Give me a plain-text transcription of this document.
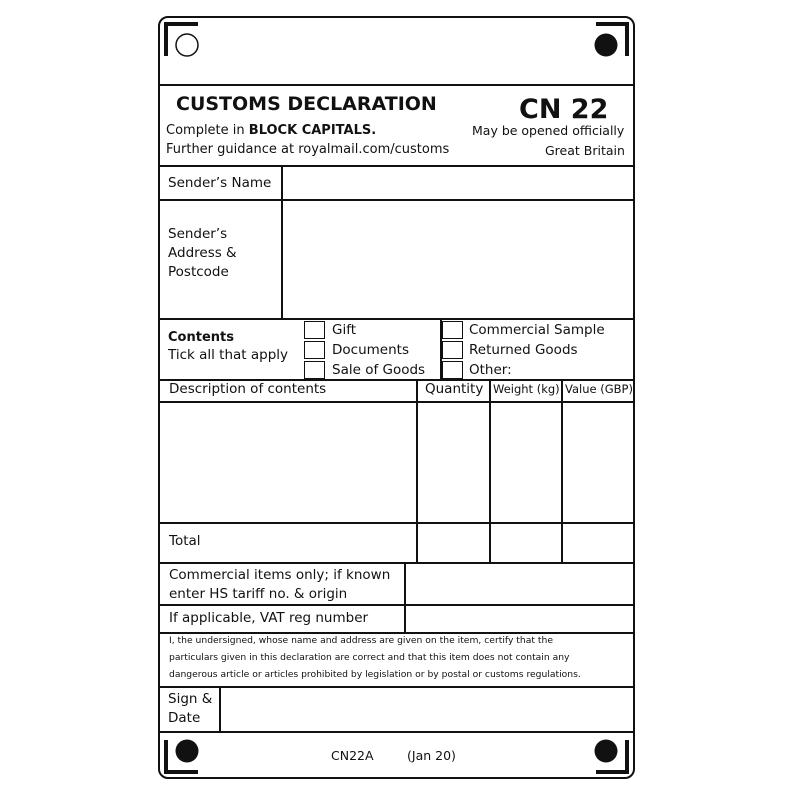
CUSTOMS DECLARATION	CN 22
Complete in BLOCK CAPITALS.
Further guidance at royalmail.com/customs
May be opened officially
Great Britain
Sender’s Name
Sender’s
Address &
Postcode
Contents
Tick all that apply
Gift
Documents
Sale of Goods
Commercial Sample
Returned Goods
Other:
Description of contents	Quantity Weight (kg) Value (GBP)
Total
Commercial items only; if known
enter HS tariff no. & origin
If applicable, VAT reg number
I, the undersigned, whose name and address are given on the item, certify that the
particulars given in this declaration are correct and that this item does not contain any
dangerous article or articles prohibited by legislation or by postal or customs regulations.
Sign &
Date
CN22A	(Jan 20)
